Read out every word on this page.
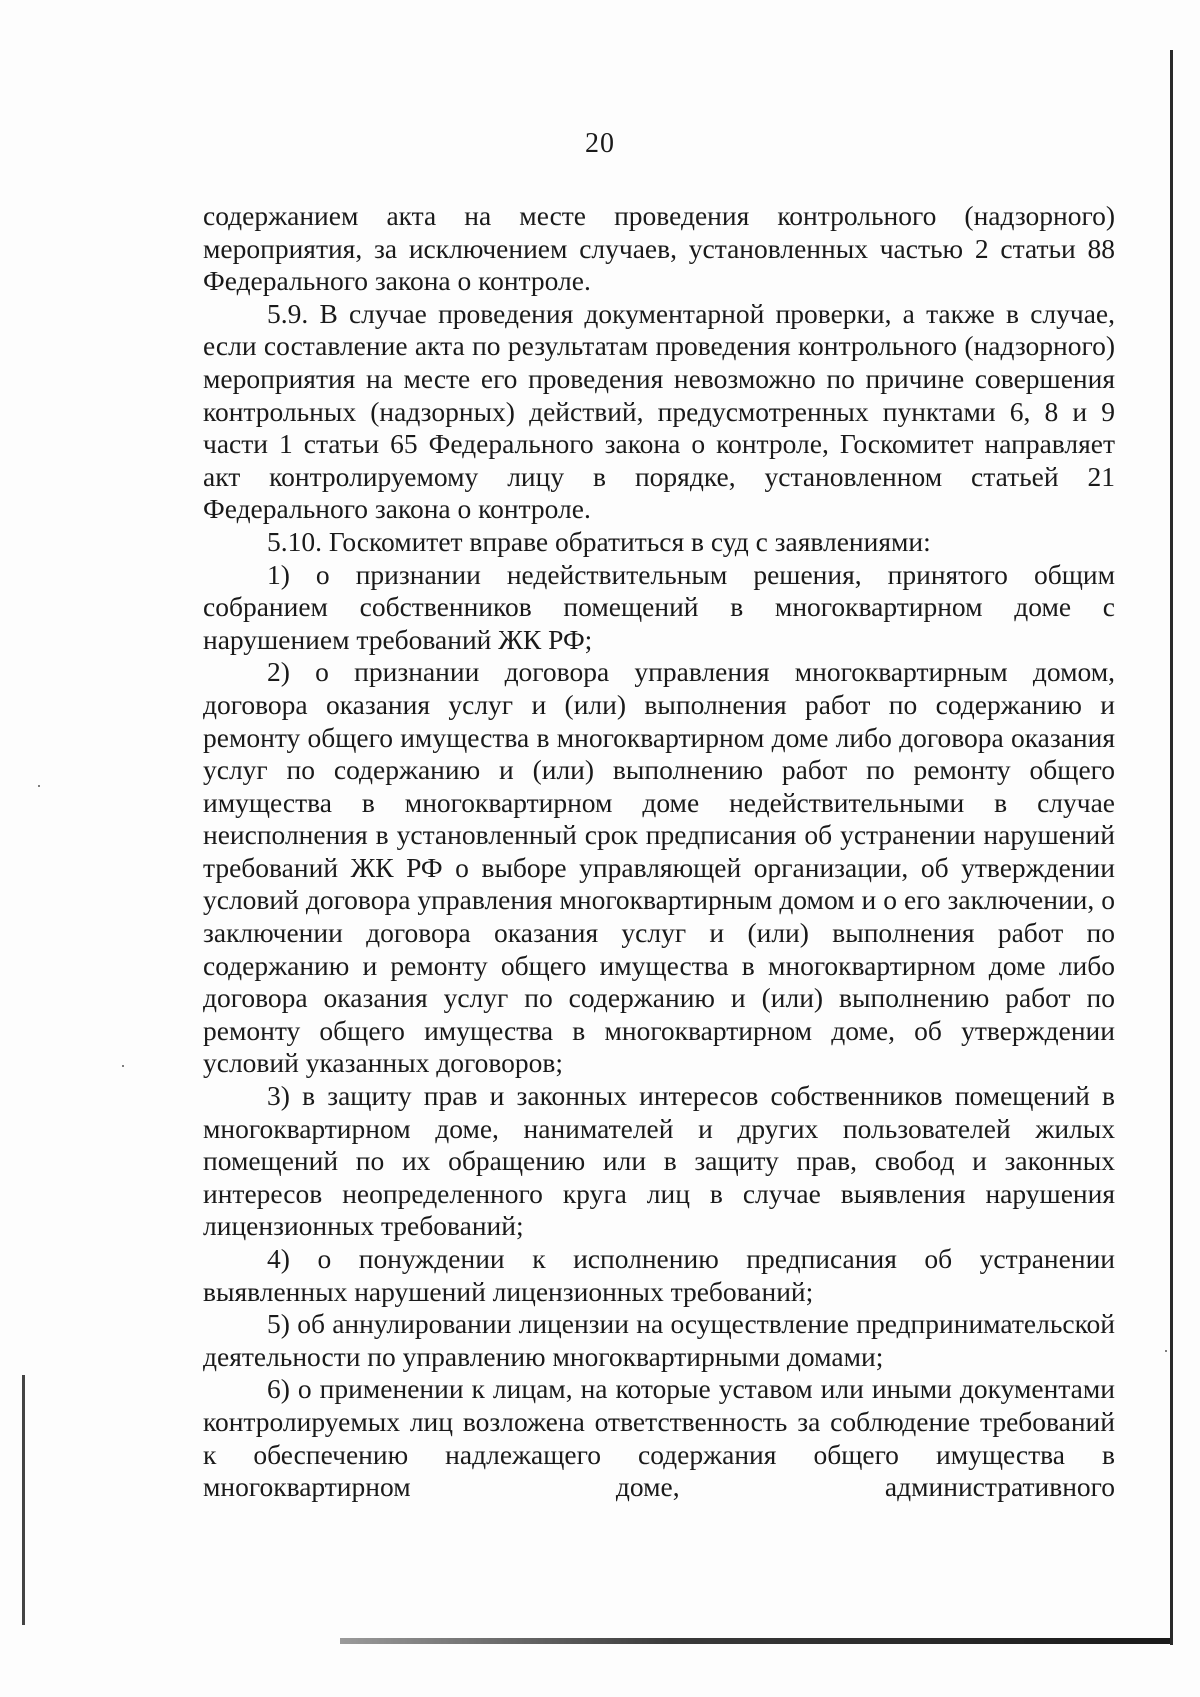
20

содержанием акта на месте проведения контрольного (надзорного) мероприятия, за исключением случаев, установленных частью 2 статьи 88 Федерального закона о контроле.

5.9. В случае проведения документарной проверки, а также в случае, если составление акта по результатам проведения контрольного (надзорного) мероприятия на месте его проведения невозможно по причине совершения контрольных (надзорных) действий, предусмотренных пунктами 6, 8 и 9 части 1 статьи 65 Федерального закона о контроле, Госкомитет направляет акт контролируемому лицу в порядке, установленном статьей 21 Федерального закона о контроле.

5.10. Госкомитет вправе обратиться в суд с заявлениями:

1) о признании недействительным решения, принятого общим собранием собственников помещений в многоквартирном доме с нарушением требований ЖК РФ;

2) о признании договора управления многоквартирным домом, договора оказания услуг и (или) выполнения работ по содержанию и ремонту общего имущества в многоквартирном доме либо договора оказания услуг по содержанию и (или) выполнению работ по ремонту общего имущества в многоквартирном доме недействительными в случае неисполнения в установленный срок предписания об устранении нарушений требований ЖК РФ о выборе управляющей организации, об утверждении условий договора управления многоквартирным домом и о его заключении, о заключении договора оказания услуг и (или) выполнения работ по содержанию и ремонту общего имущества в многоквартирном доме либо договора оказания услуг по содержанию и (или) выполнению работ по ремонту общего имущества в многоквартирном доме, об утверждении условий указанных договоров;

3) в защиту прав и законных интересов собственников помещений в многоквартирном доме, нанимателей и других пользователей жилых помещений по их обращению или в защиту прав, свобод и законных интересов неопределенного круга лиц в случае выявления нарушения лицензионных требований;

4) о понуждении к исполнению предписания об устранении выявленных нарушений лицензионных требований;

5) об аннулировании лицензии на осуществление предпринимательской деятельности по управлению многоквартирными домами;

6) о применении к лицам, на которые уставом или иными документами контролируемых лиц возложена ответственность за соблюдение требований к обеспечению надлежащего содержания общего имущества в многоквартирном доме, административного
